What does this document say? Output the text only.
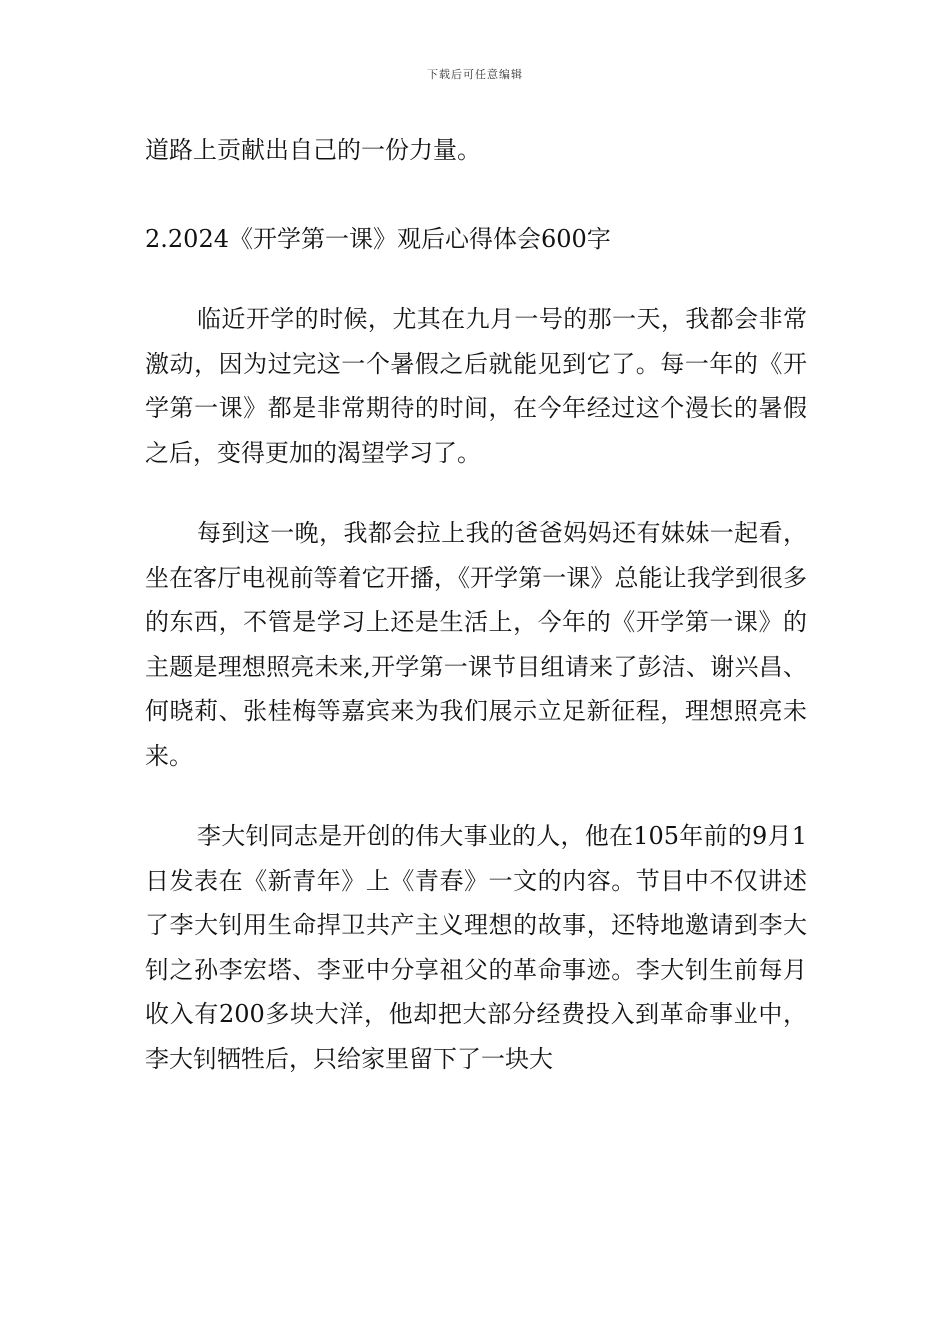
下载后可任意编辑

道路上贡献出自己的一份力量。

2.2024《开学第一课》观后心得体会600字

临近开学的时候，尤其在九月一号的那一天，我都会非常激动，因为过完这一个暑假之后就能见到它了。每一年的《开学第一课》都是非常期待的时间，在今年经过这个漫长的暑假之后，变得更加的渴望学习了。

每到这一晚，我都会拉上我的爸爸妈妈还有妹妹一起看，坐在客厅电视前等着它开播，《开学第一课》总能让我学到很多的东西，不管是学习上还是生活上，今年的《开学第一课》的主题是理想照亮未来,开学第一课节目组请来了彭洁、谢兴昌、何晓莉、张桂梅等嘉宾来为我们展示立足新征程，理想照亮未来。

李大钊同志是开创的伟大事业的人，他在105年前的9月1日发表在《新青年》上《青春》一文的内容。节目中不仅讲述了李大钊用生命捍卫共产主义理想的故事，还特地邀请到李大钊之孙李宏塔、李亚中分享祖父的革命事迹。李大钊生前每月收入有200多块大洋，他却把大部分经费投入到革命事业中，李大钊牺牲后，只给家里留下了一块大
